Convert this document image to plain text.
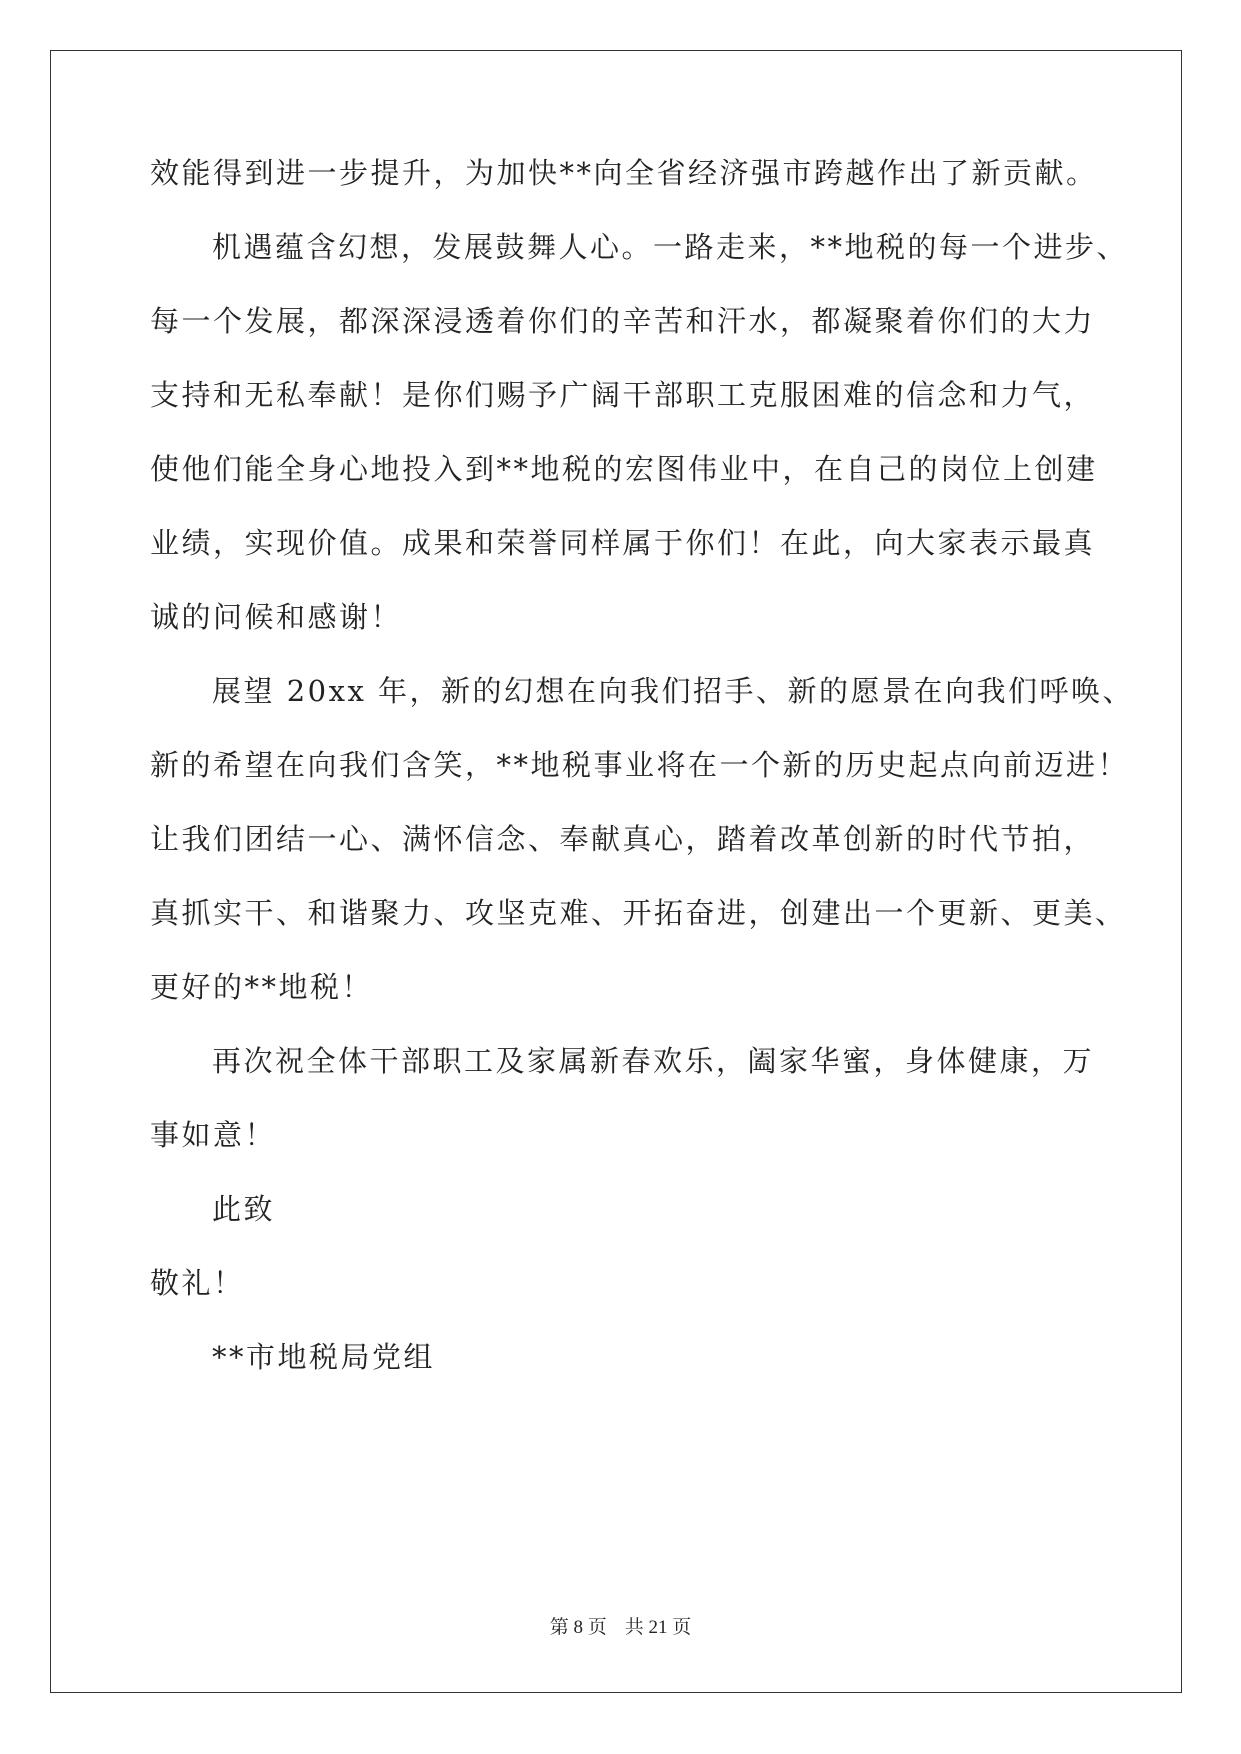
效能得到进一步提升，为加快**向全省经济强市跨越作出了新贡献。
机遇蕴含幻想，发展鼓舞人心。一路走来，**地税的每一个进步、
每一个发展，都深深浸透着你们的辛苦和汗水，都凝聚着你们的大力
支持和无私奉献！是你们赐予广阔干部职工克服困难的信念和力气，
使他们能全身心地投入到**地税的宏图伟业中，在自己的岗位上创建
业绩，实现价值。成果和荣誉同样属于你们！在此，向大家表示最真
诚的问候和感谢！
展望 20xx 年，新的幻想在向我们招手、新的愿景在向我们呼唤、
新的希望在向我们含笑，**地税事业将在一个新的历史起点向前迈进！
让我们团结一心、满怀信念、奉献真心，踏着改革创新的时代节拍，
真抓实干、和谐聚力、攻坚克难、开拓奋进，创建出一个更新、更美、
更好的**地税！
再次祝全体干部职工及家属新春欢乐，阖家华蜜，身体健康，万
事如意！
此致
敬礼！
**市地税局党组
第 8 页 共 21 页
